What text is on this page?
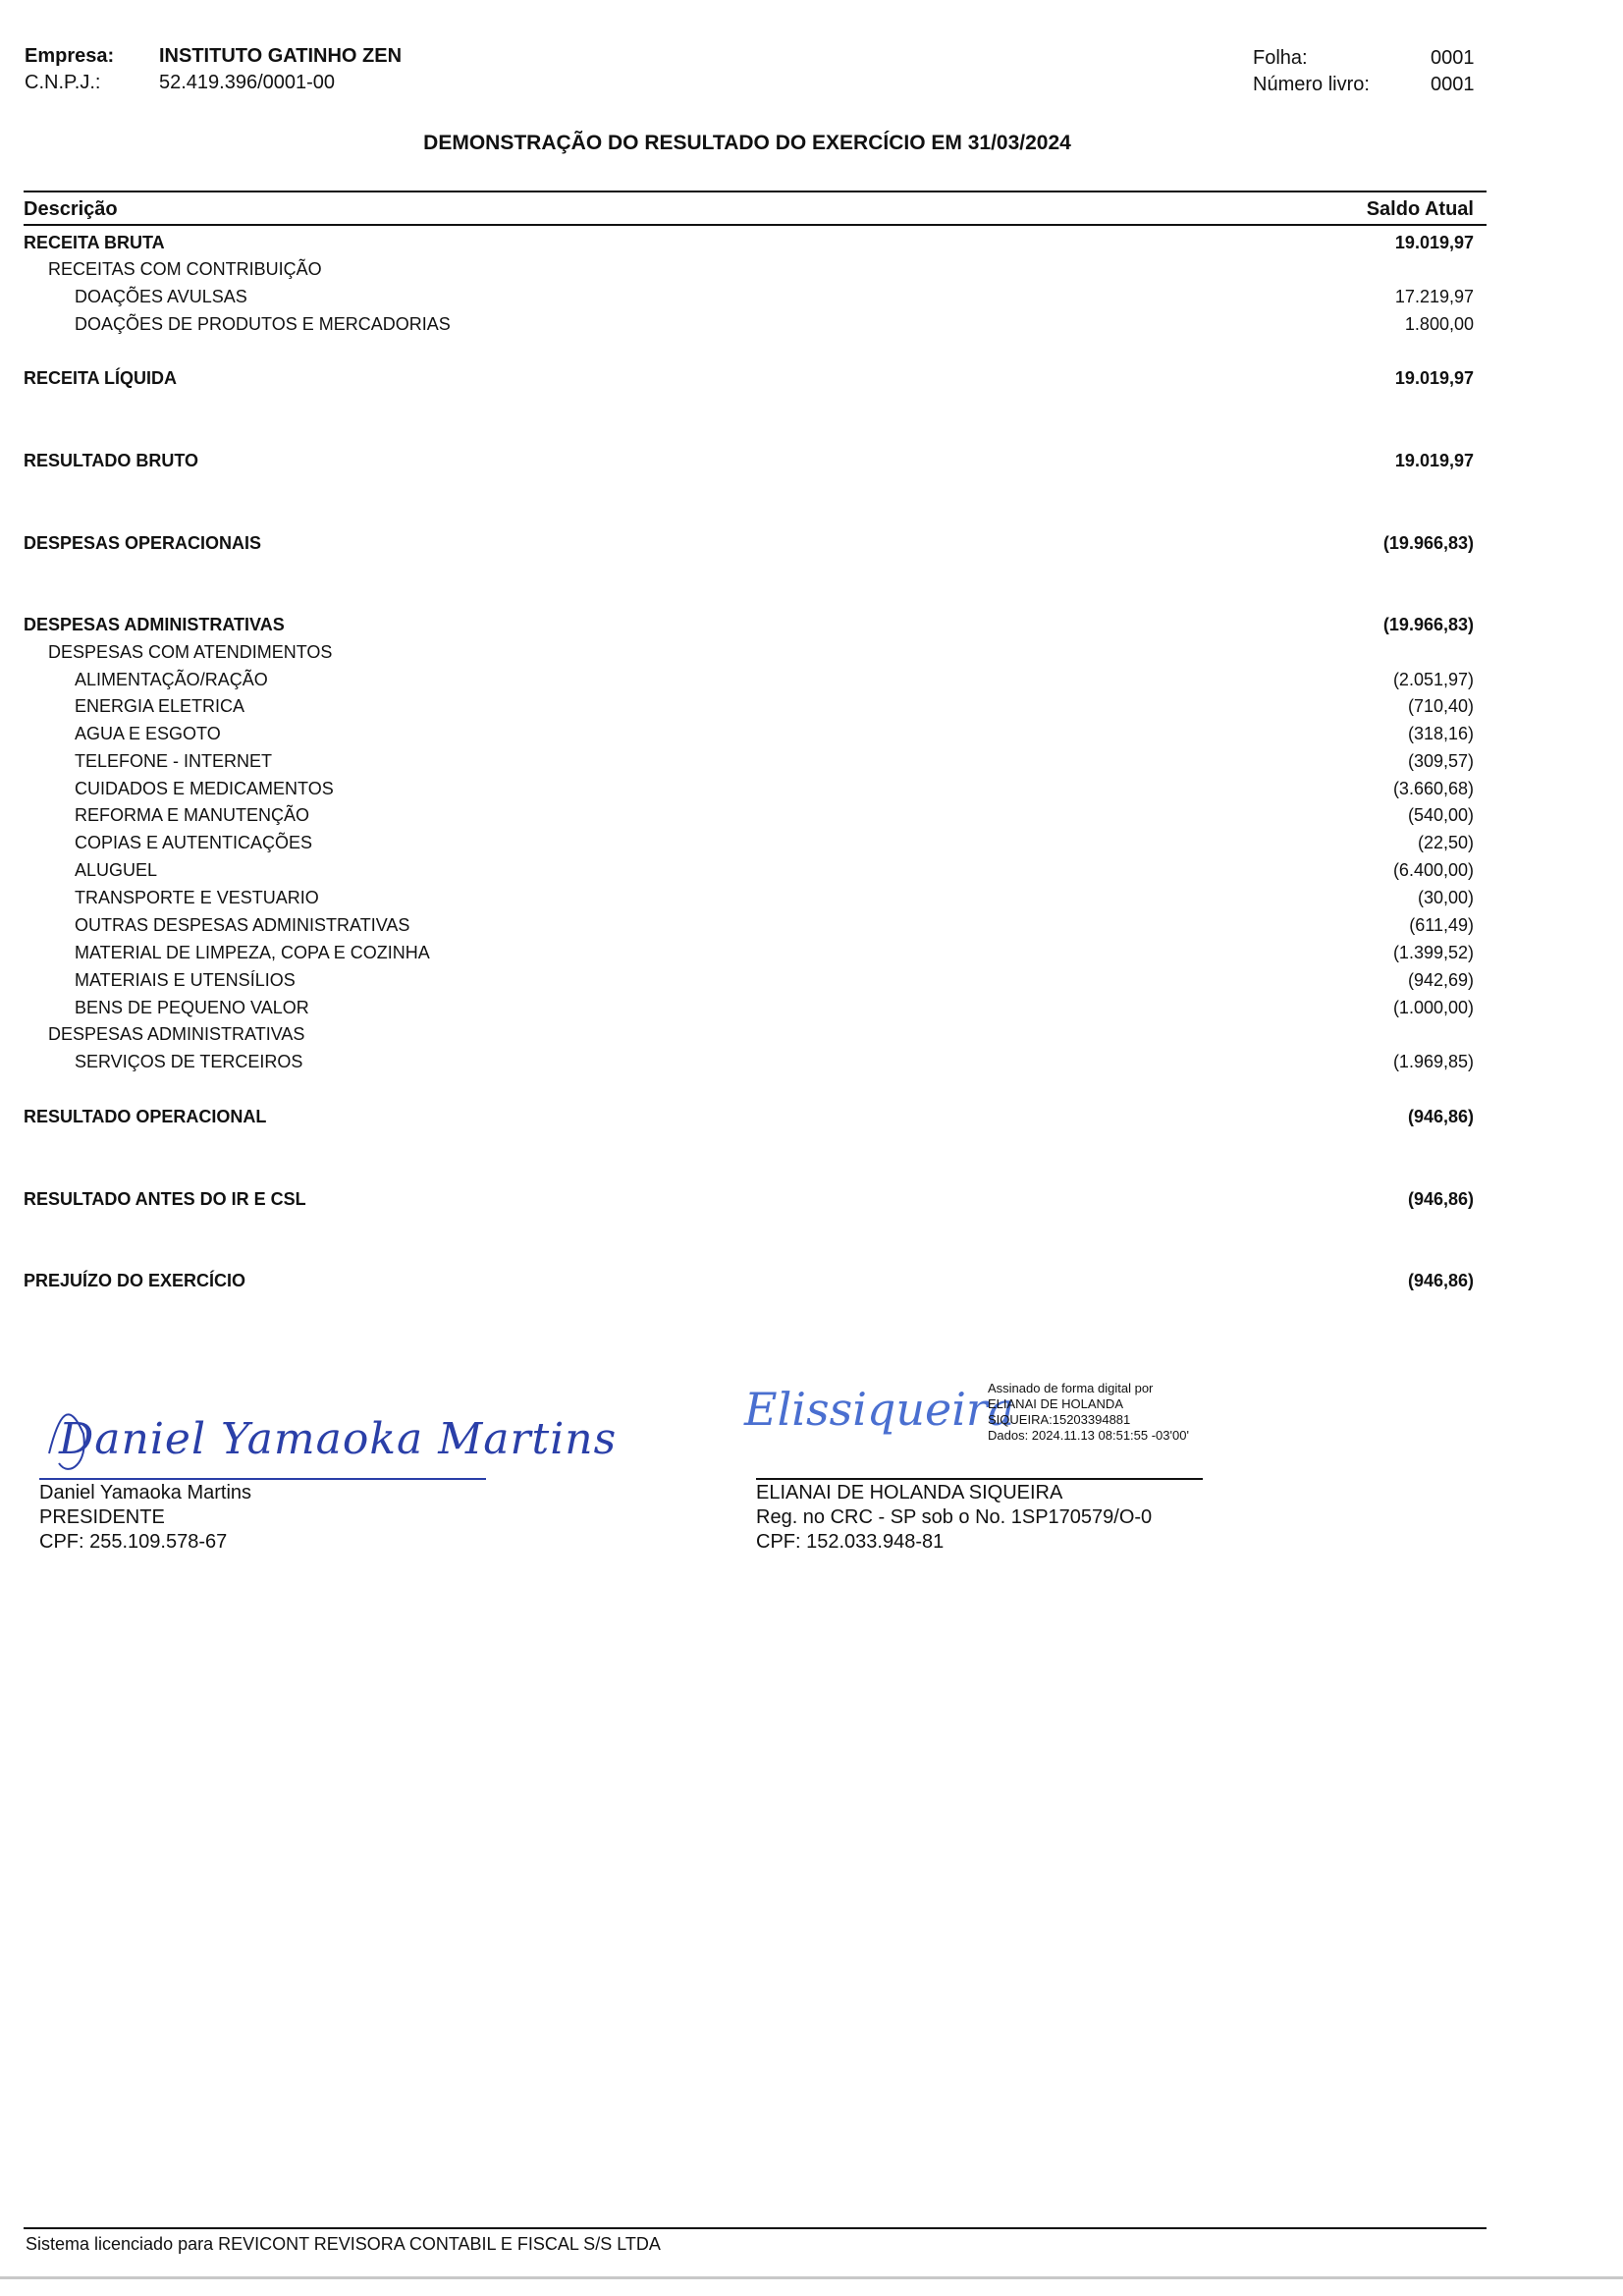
Empresa: INSTITUTO GATINHO ZEN
C.N.P.J.:	52.419.396/0001-00
Folha:	0001
Número livro:	0001
DEMONSTRAÇÃO DO RESULTADO DO EXERCÍCIO EM 31/03/2024
Descrição	Saldo Atual
RECEITA BRUTA	19.019,97
RECEITAS COM CONTRIBUIÇÃO
DOAÇÕES AVULSAS	17.219,97
DOAÇÕES DE PRODUTOS E MERCADORIAS	1.800,00
RECEITA LÍQUIDA	19.019,97
RESULTADO BRUTO	19.019,97
DESPESAS OPERACIONAIS	(19.966,83)
DESPESAS ADMINISTRATIVAS	(19.966,83)
DESPESAS COM ATENDIMENTOS
ALIMENTAÇÃO/RAÇÃO	(2.051,97)
ENERGIA ELETRICA	(710,40)
AGUA E ESGOTO	(318,16)
TELEFONE - INTERNET	(309,57)
CUIDADOS E MEDICAMENTOS	(3.660,68)
REFORMA E MANUTENÇÃO	(540,00)
COPIAS E AUTENTICAÇÕES	(22,50)
ALUGUEL	(6.400,00)
TRANSPORTE E VESTUARIO	(30,00)
OUTRAS DESPESAS ADMINISTRATIVAS	(611,49)
MATERIAL DE LIMPEZA, COPA E COZINHA	(1.399,52)
MATERIAIS E UTENSÍLIOS	(942,69)
BENS DE PEQUENO VALOR	(1.000,00)
DESPESAS ADMINISTRATIVAS
SERVIÇOS DE TERCEIROS	(1.969,85)
RESULTADO OPERACIONAL	(946,86)
RESULTADO ANTES DO IR E CSL	(946,86)
PREJUÍZO DO EXERCÍCIO	(946,86)
Daniel Yamaoka Martins
Daniel Yamaoka Martins
PRESIDENTE
CPF: 255.109.578-67
Elissiqueira
Assinado de forma digital por
ELIANAI DE HOLANDA
SIQUEIRA:15203394881
Dados: 2024.11.13 08:51:55 -03'00'
ELIANAI DE HOLANDA SIQUEIRA
Reg. no CRC - SP sob o No. 1SP170579/O-0
CPF: 152.033.948-81
Sistema licenciado para REVICONT REVISORA CONTABIL E FISCAL S/S LTDA
